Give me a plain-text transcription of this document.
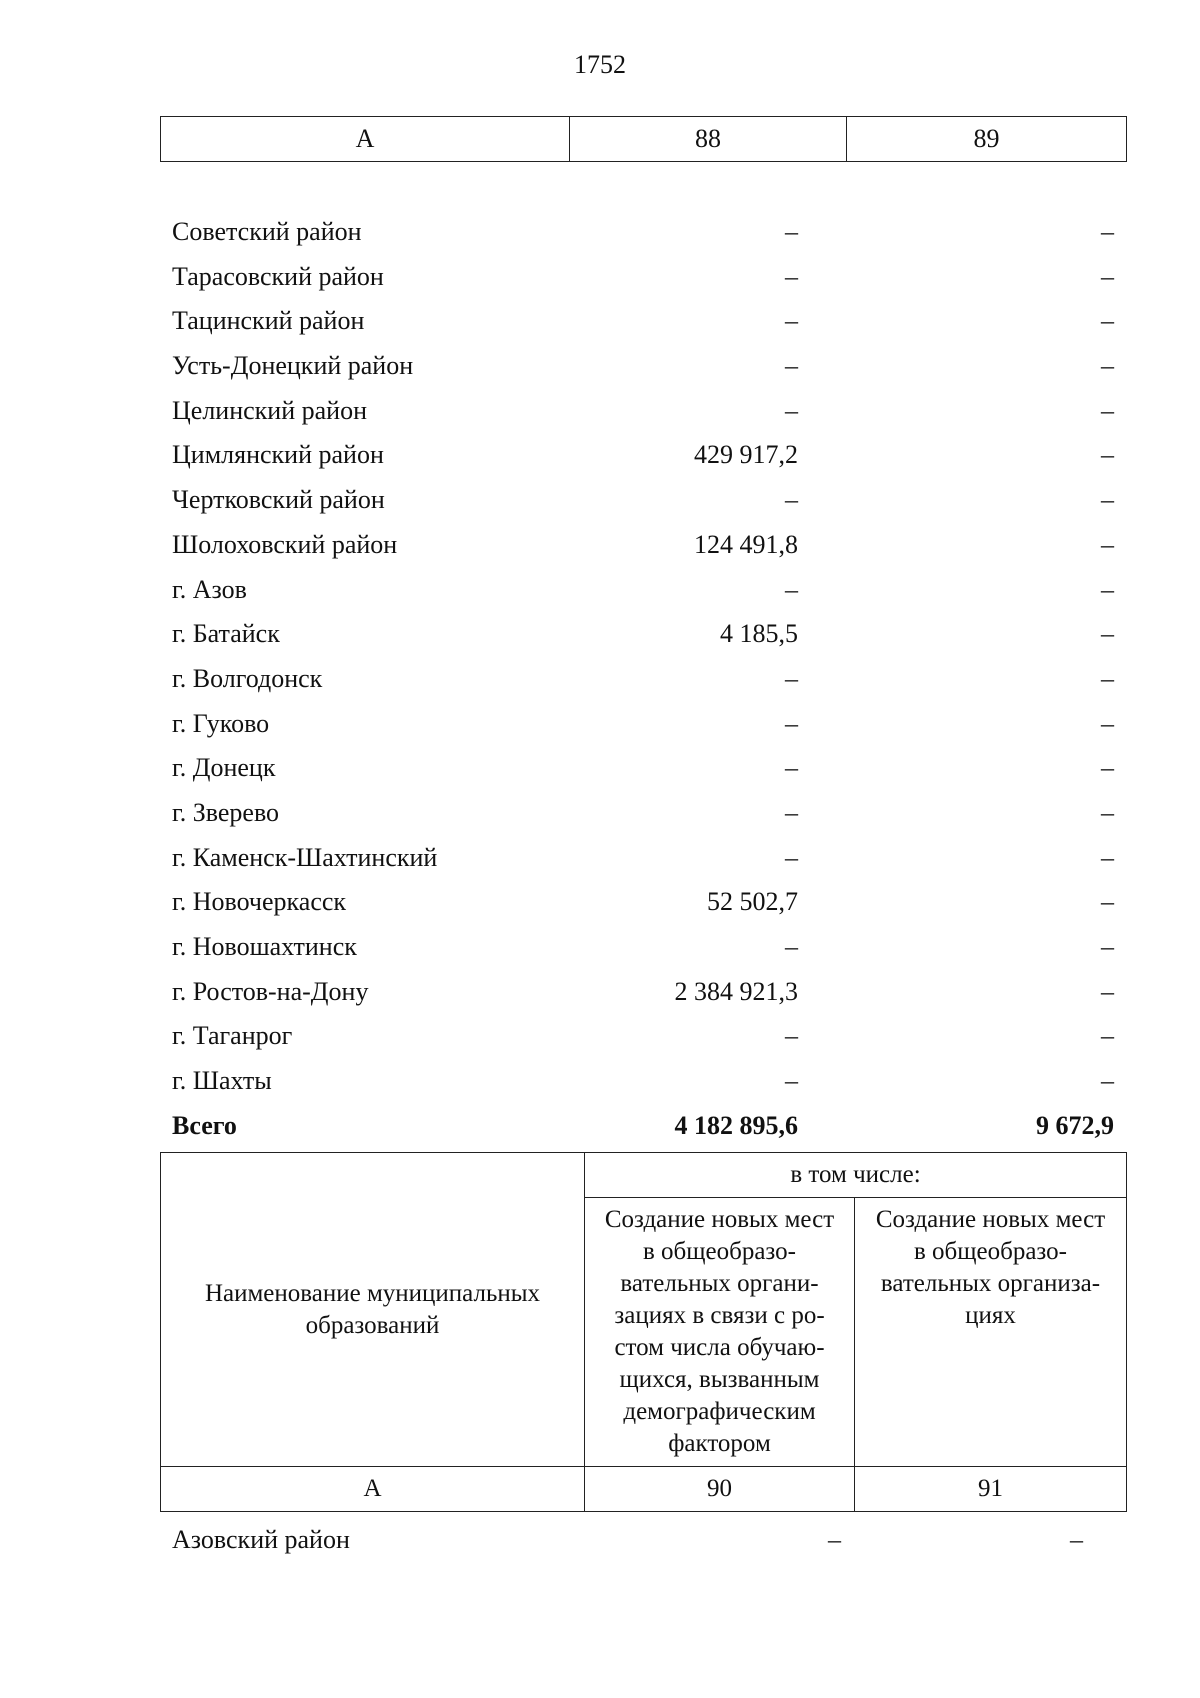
1752
А	88	89
Советский район	–	–
Тарасовский район	–	–
Тацинский район	–	–
Усть-Донецкий район	–	–
Целинский район	–	–
Цимлянский район	429 917,2	–
Чертковский район	–	–
Шолоховский район	124 491,8	–
г. Азов	–	–
г. Батайск	4 185,5	–
г. Волгодонск	–	–
г. Гуково	–	–
г. Донецк	–	–
г. Зверево	–	–
г. Каменск-Шахтинский	–	–
г. Новочеркасск	52 502,7	–
г. Новошахтинск	–	–
г. Ростов-на-Дону	2 384 921,3	–
г. Таганрог	–	–
г. Шахты	–	–
Всего	4 182 895,6	9 672,9
Наименование муниципальных образований	в том числе:	
	Создание новых мест в общеобразо-вательных органи-зациях в связи с ро-стом числа обучаю-щихся, вызванным демографическим фактором	Создание новых мест в общеобразо-вательных организа-циях
А	90	91
Азовский район	–	–
